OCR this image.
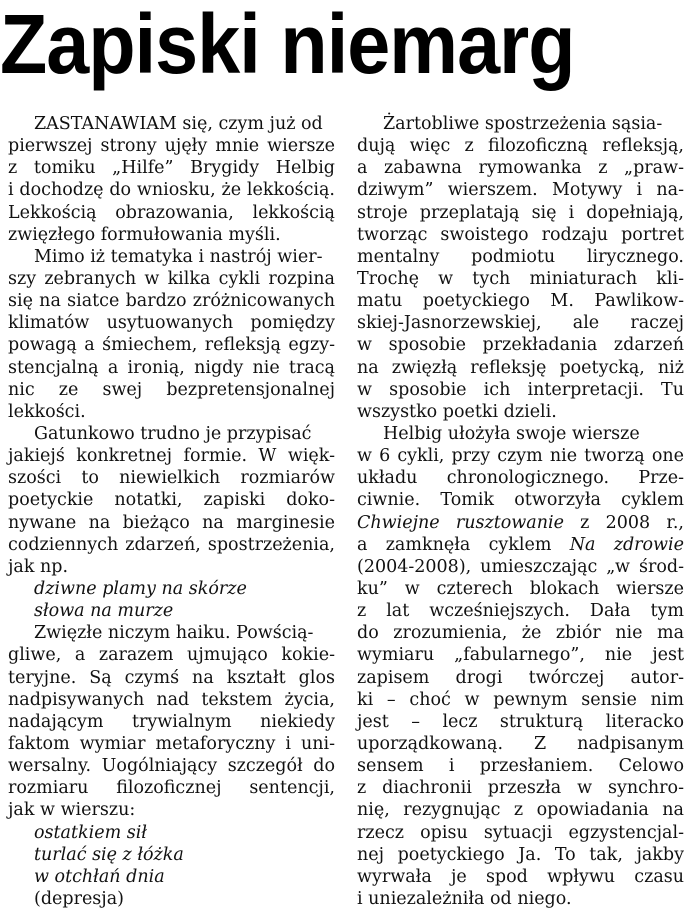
Zapiski niemarg
ZASTANAWIAM się, czym już od
pierwszej strony ujęły mnie wiersze
z tomiku „Hilfe” Brygidy Helbig
i dochodzę do wniosku, że lekkością.
Lekkością obrazowania, lekkością
zwięzłego formułowania myśli.
Mimo iż tematyka i nastrój wier-
szy zebranych w kilka cykli rozpina
się na siatce bardzo zróżnicowanych
klimatów usytuowanych pomiędzy
powagą a śmiechem, refleksją egzy-
stencjalną a ironią, nigdy nie tracą
nic ze swej bezpretensjonalnej
lekkości.
Gatunkowo trudno je przypisać
jakiejś konkretnej formie. W więk-
szości to niewielkich rozmiarów
poetyckie notatki, zapiski doko-
nywane na bieżąco na marginesie
codziennych zdarzeń, spostrzeżenia,
jak np.
dziwne plamy na skórze
słowa na murze
Zwięzłe niczym haiku. Powścią-
gliwe, a zarazem ujmująco kokie-
teryjne. Są czymś na kształt glos
nadpisywanych nad tekstem życia,
nadającym trywialnym niekiedy
faktom wymiar metaforyczny i uni-
wersalny. Uogólniający szczegół do
rozmiaru filozoficznej sentencji,
jak w wierszu:
ostatkiem sił
turlać się z łóżka
w otchłań dnia
(depresja)
Żartobliwe spostrzeżenia sąsia-
dują więc z filozoficzną refleksją,
a zabawna rymowanka z „praw-
dziwym” wierszem. Motywy i na-
stroje przeplatają się i dopełniają,
tworząc swoistego rodzaju portret
mentalny podmiotu lirycznego.
Trochę w tych miniaturach kli-
matu poetyckiego M. Pawlikow-
skiej-Jasnorzewskiej, ale raczej
w sposobie przekładania zdarzeń
na zwięzłą refleksję poetycką, niż
w sposobie ich interpretacji. Tu
wszystko poetki dzieli.
Helbig ułożyła swoje wiersze
w 6 cykli, przy czym nie tworzą one
układu chronologicznego. Prze-
ciwnie. Tomik otworzyła cyklem
Chwiejne rusztowanie z 2008 r.,
a zamknęła cyklem Na zdrowie
(2004-2008), umieszczając „w środ-
ku” w czterech blokach wiersze
z lat wcześniejszych. Dała tym
do zrozumienia, że zbiór nie ma
wymiaru „fabularnego”, nie jest
zapisem drogi twórczej autor-
ki – choć w pewnym sensie nim
jest – lecz strukturą literacko
uporządkowaną. Z nadpisanym
sensem i przesłaniem. Celowo
z diachronii przeszła w synchro-
nię, rezygnując z opowiadania na
rzecz opisu sytuacji egzystencjal-
nej poetyckiego Ja. To tak, jakby
wyrwała je spod wpływu czasu
i uniezależniła od niego.
